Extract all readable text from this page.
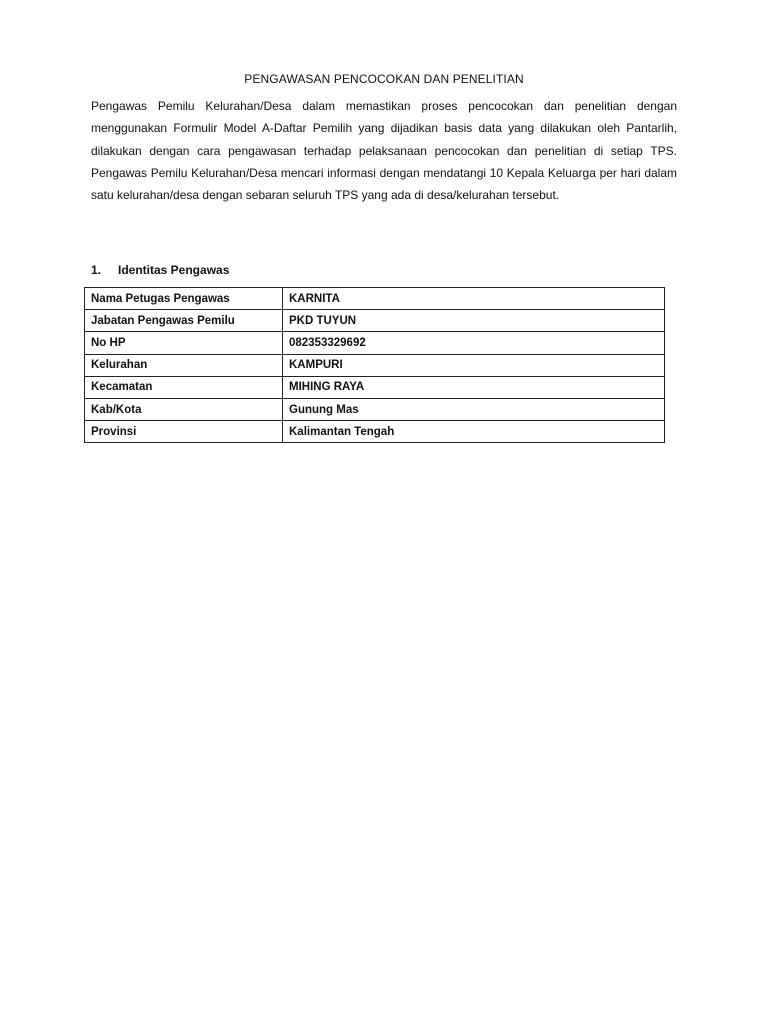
PENGAWASAN PENCOCOKAN DAN PENELITIAN

Pengawas Pemilu Kelurahan/Desa dalam memastikan proses pencocokan dan penelitian dengan menggunakan Formulir Model A-Daftar Pemilih yang dijadikan basis data yang dilakukan oleh Pantarlih, dilakukan dengan cara pengawasan terhadap pelaksanaan pencocokan dan penelitian di setiap TPS. Pengawas Pemilu Kelurahan/Desa mencari informasi dengan mendatangi 10 Kepala Keluarga per hari dalam satu kelurahan/desa dengan sebaran seluruh TPS yang ada di desa/kelurahan tersebut.

1. Identitas Pengawas
Nama Petugas Pengawas	KARNITA
Jabatan Pengawas Pemilu	PKD TUYUN
No HP	082353329692
Kelurahan	KAMPURI
Kecamatan	MIHING RAYA
Kab/Kota	Gunung Mas
Provinsi	Kalimantan Tengah
